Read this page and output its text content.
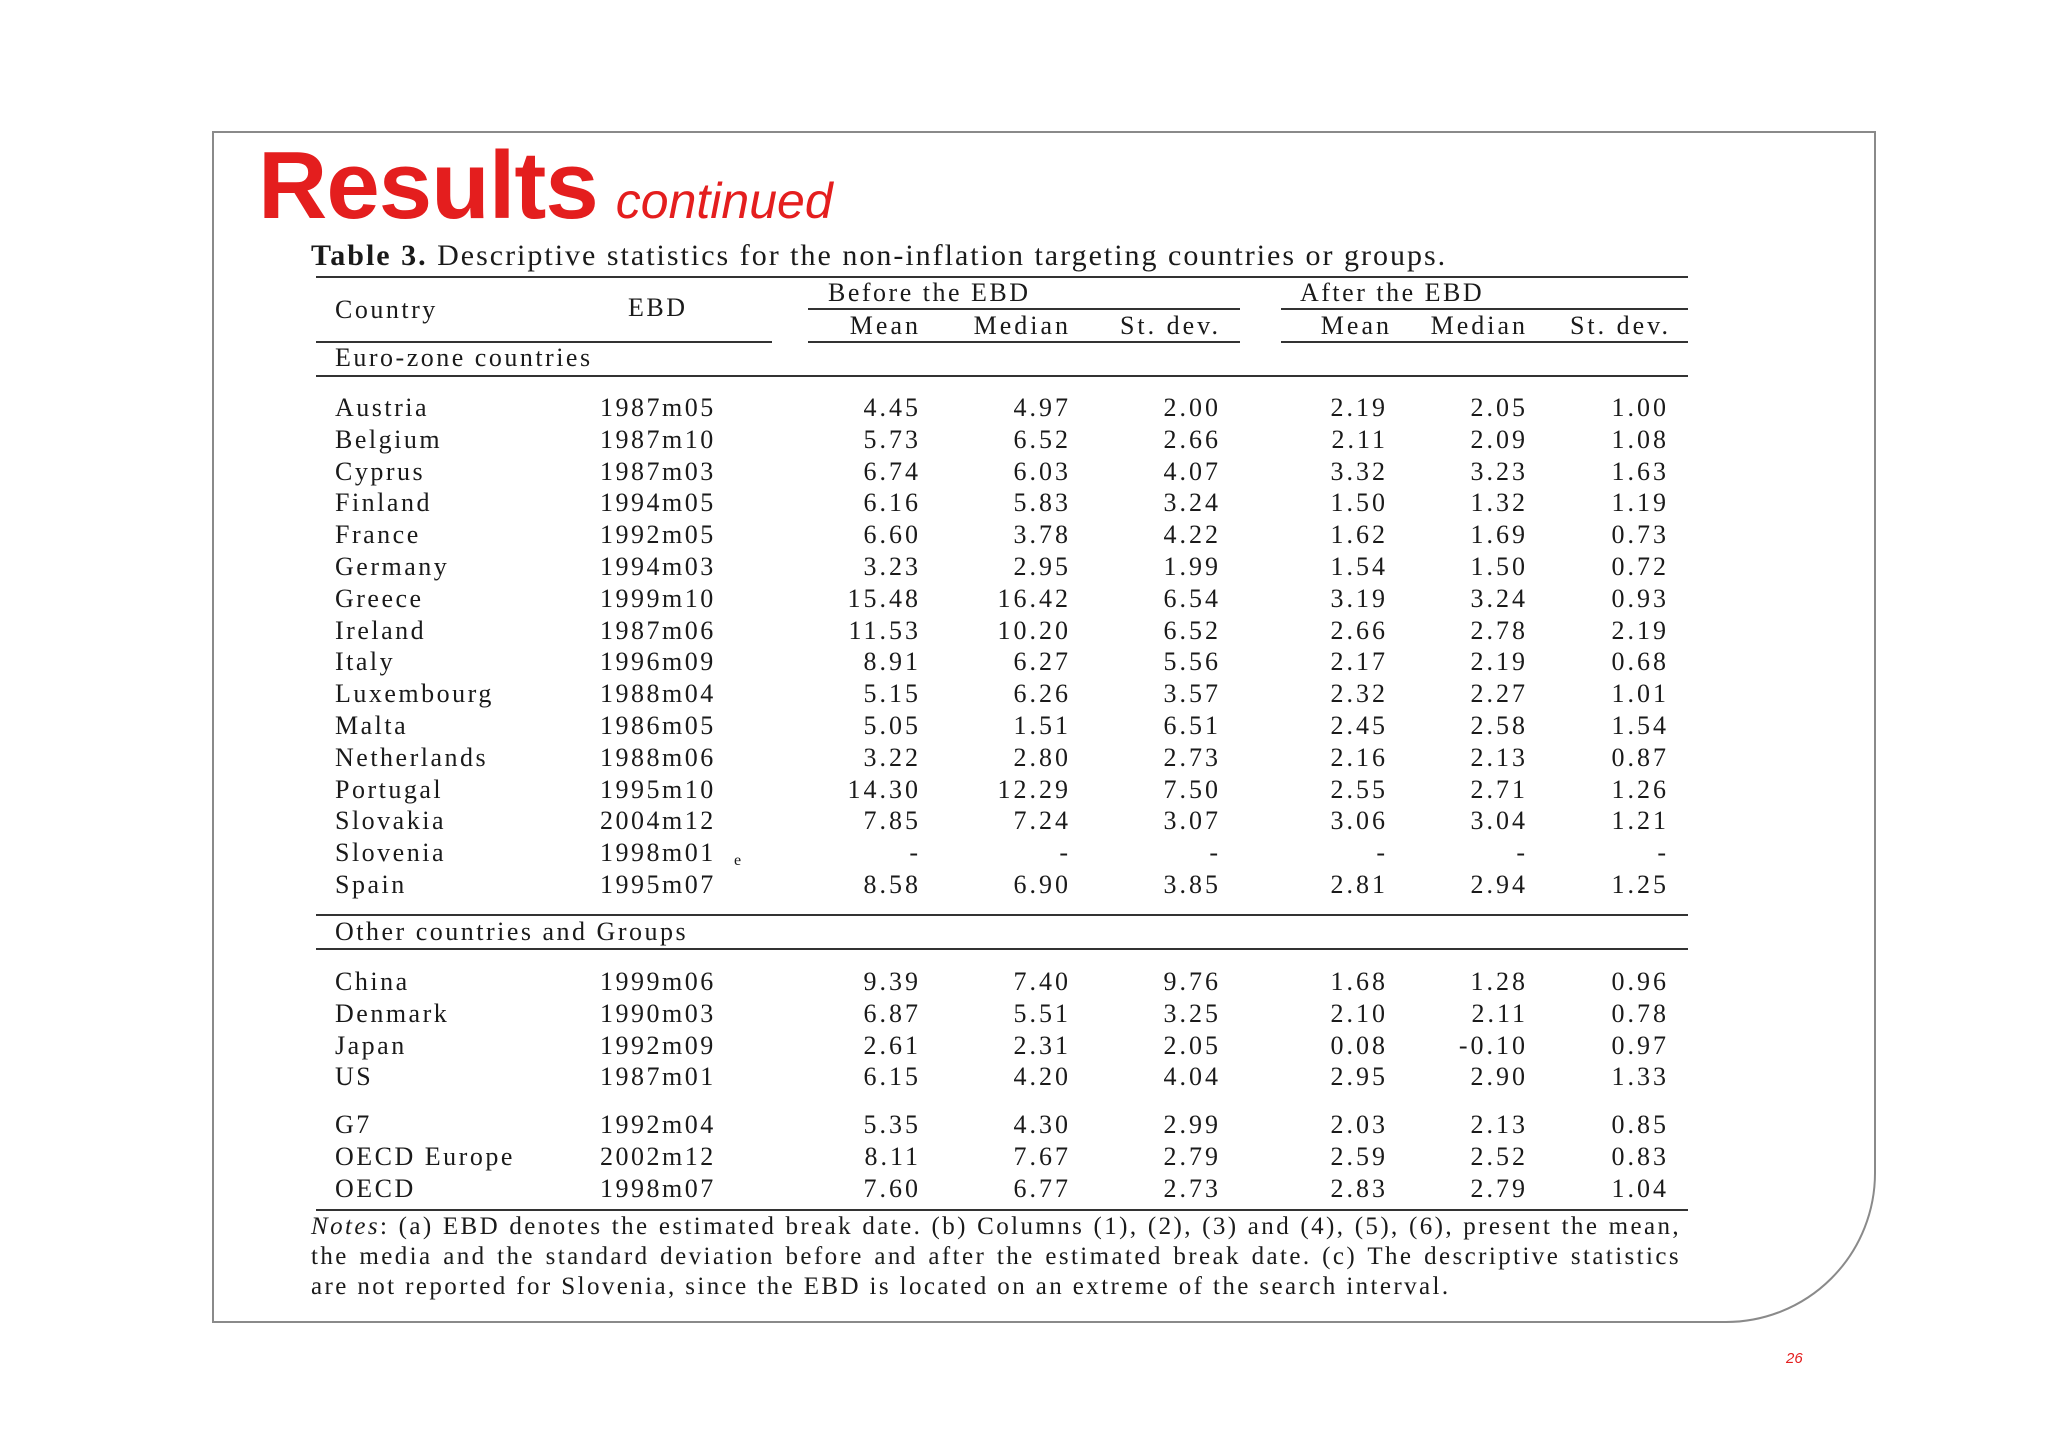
Results continued
Table 3. Descriptive statistics for the non-inflation targeting countries or groups.
Country	EBD
Before the EBD	After the EBD
Mean	Median	St. dev.	Mean	Median	St. dev.
Euro-zone countries
Austria	1987m05	4.45	4.97	2.00	2.19	2.05	1.00
Belgium	1987m10	5.73	6.52	2.66	2.11	2.09	1.08
Cyprus	1987m03	6.74	6.03	4.07	3.32	3.23	1.63
Finland	1994m05	6.16	5.83	3.24	1.50	1.32	1.19
France	1992m05	6.60	3.78	4.22	1.62	1.69	0.73
Germany	1994m03	3.23	2.95	1.99	1.54	1.50	0.72
Greece	1999m10	15.48	16.42	6.54	3.19	3.24	0.93
Ireland	1987m06	11.53	10.20	6.52	2.66	2.78	2.19
Italy	1996m09	8.91	6.27	5.56	2.17	2.19	0.68
Luxembourg	1988m04	5.15	6.26	3.57	2.32	2.27	1.01
Malta	1986m05	5.05	1.51	6.51	2.45	2.58	1.54
Netherlands	1988m06	3.22	2.80	2.73	2.16	2.13	0.87
Portugal	1995m10	14.30	12.29	7.50	2.55	2.71	1.26
Slovakia	2004m12	7.85	7.24	3.07	3.06	3.04	1.21
Slovenia	1998m01 e	-	-	-	-	-	-
Spain	1995m07	8.58	6.90	3.85	2.81	2.94	1.25
Other countries and Groups
China	1999m06	9.39	7.40	9.76	1.68	1.28	0.96
Denmark	1990m03	6.87	5.51	3.25	2.10	2.11	0.78
Japan	1992m09	2.61	2.31	2.05	0.08	-0.10	0.97
US	1987m01	6.15	4.20	4.04	2.95	2.90	1.33
G7	1992m04	5.35	4.30	2.99	2.03	2.13	0.85
OECD Europe	2002m12	8.11	7.67	2.79	2.59	2.52	0.83
OECD	1998m07	7.60	6.77	2.73	2.83	2.79	1.04
Notes: (a) EBD denotes the estimated break date. (b) Columns (1), (2), (3) and (4), (5), (6), present the mean, the media and the standard deviation before and after the estimated break date. (c) The descriptive statistics are not reported for Slovenia, since the EBD is located on an extreme of the search interval.
26
